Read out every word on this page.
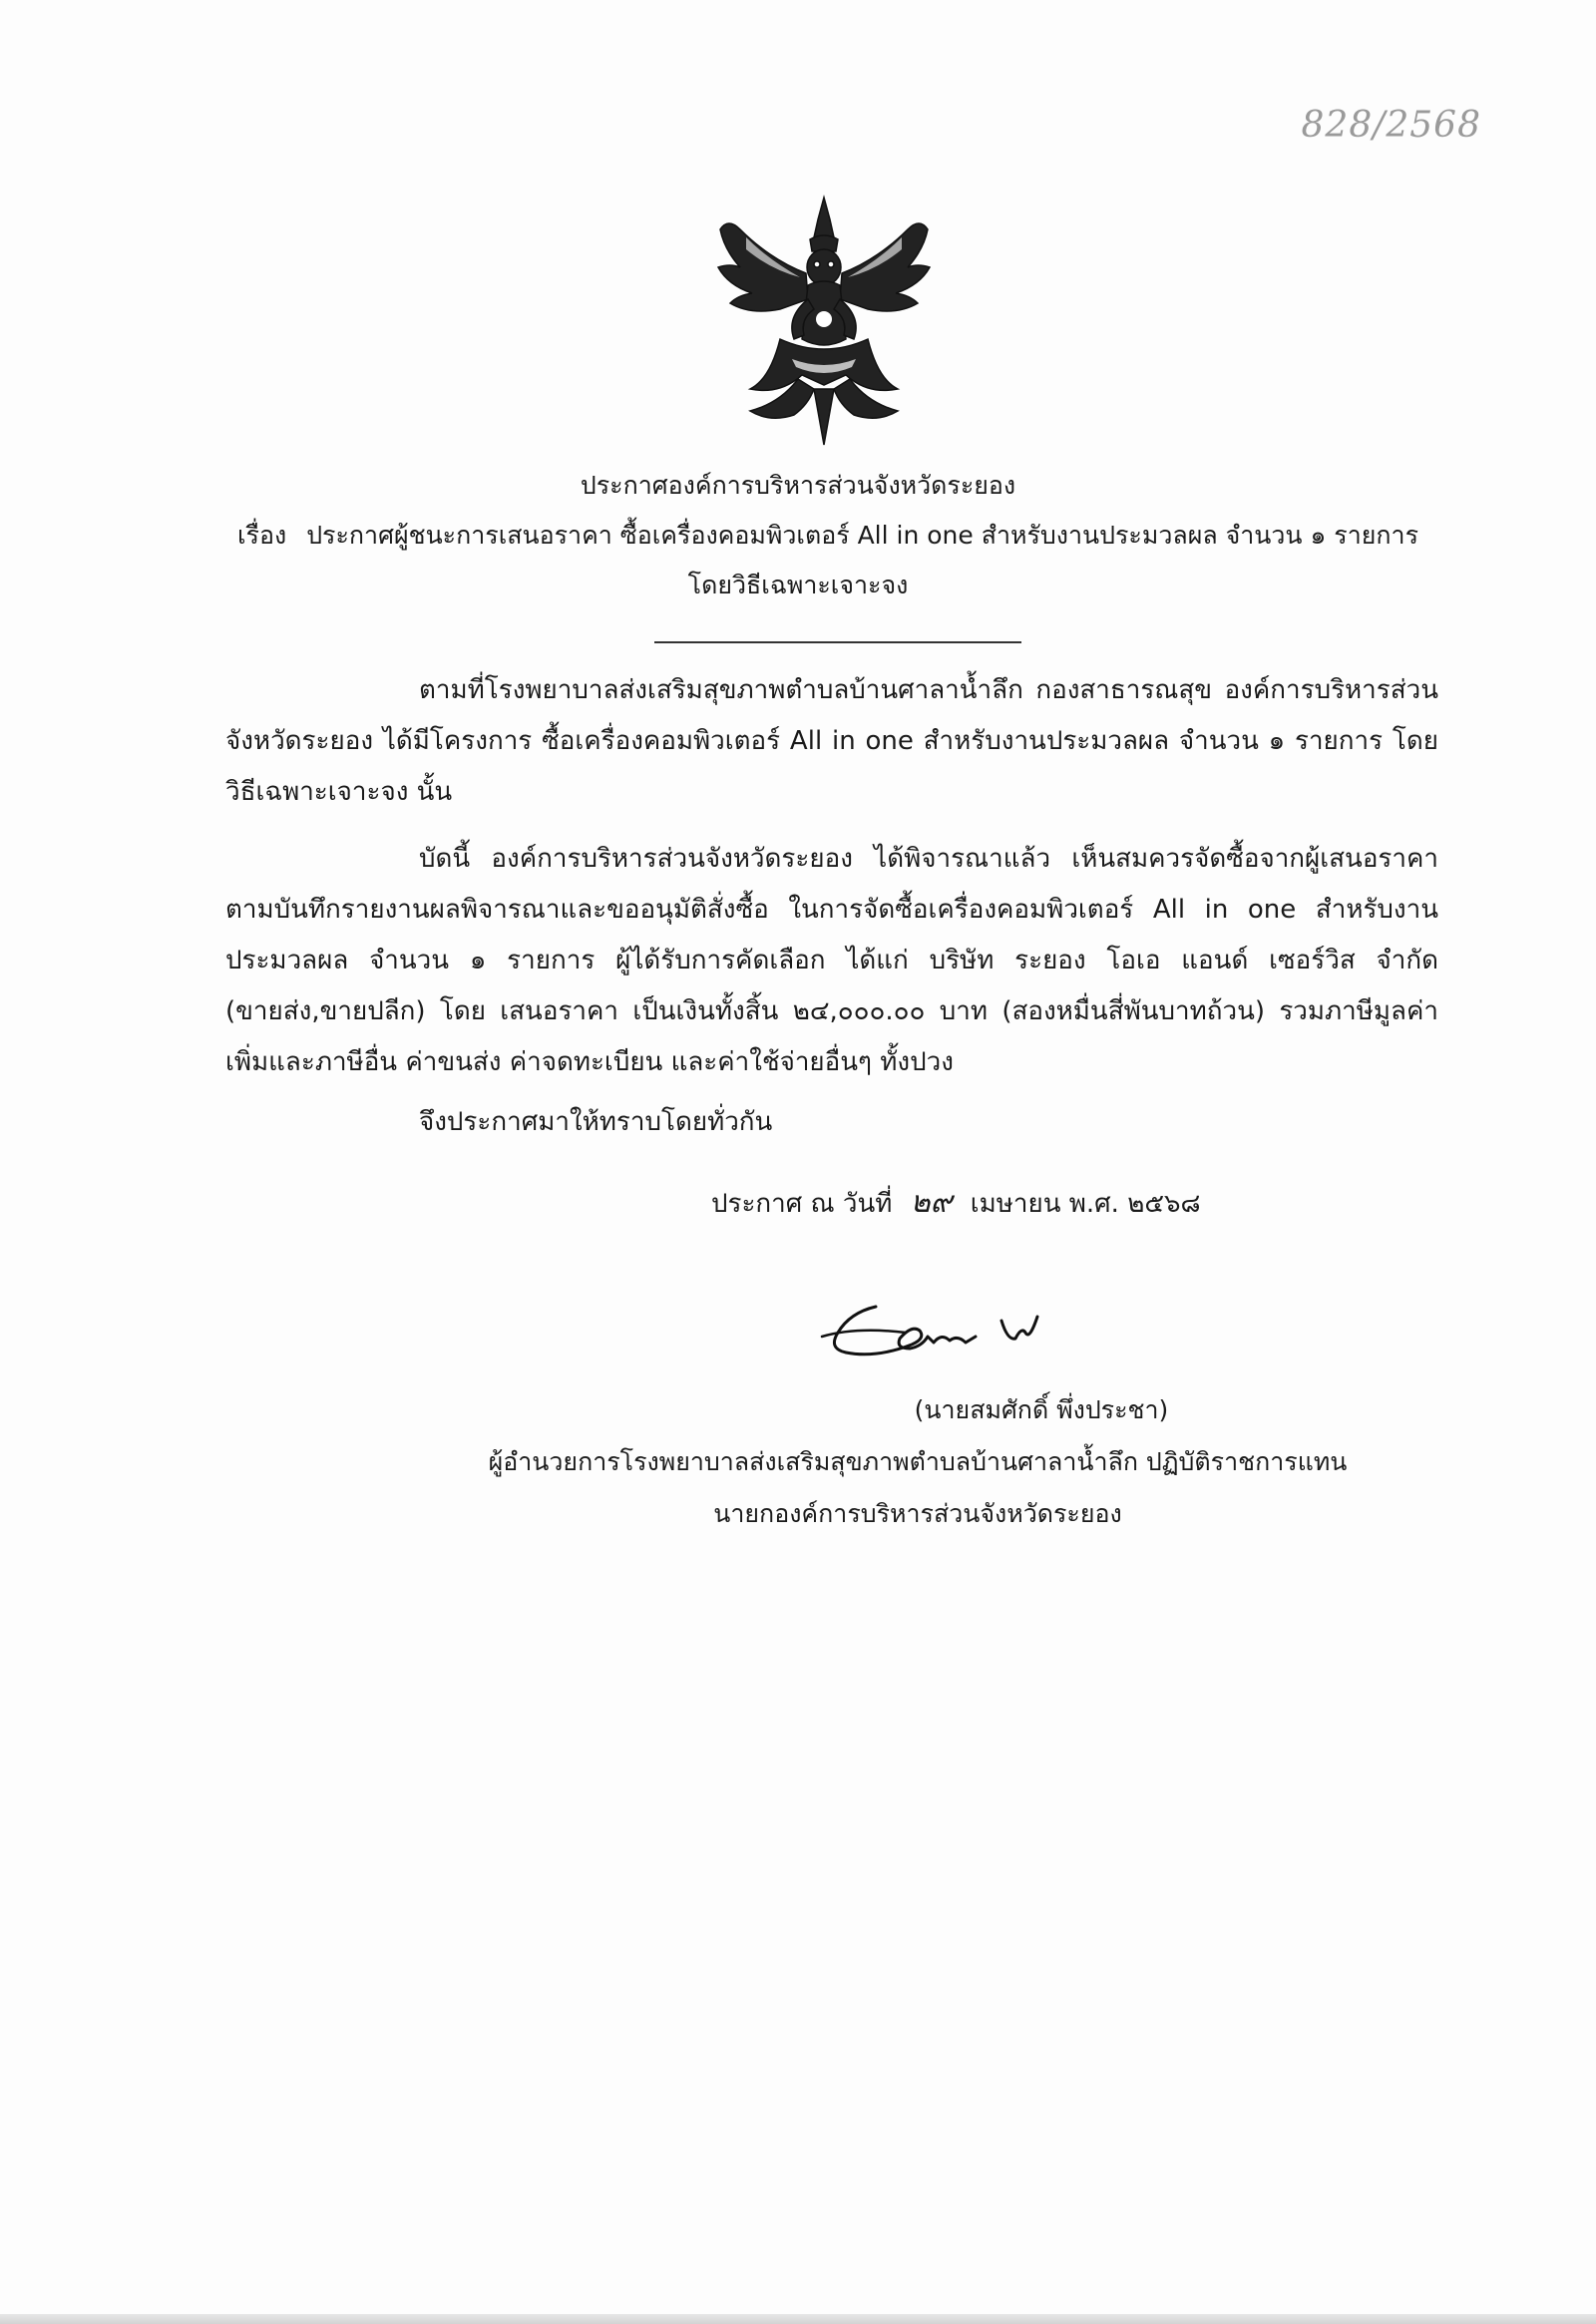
828/2568
ประกาศองค์การบริหารส่วนจังหวัดระยอง
เรื่อง ประกาศผู้ชนะการเสนอราคา ซื้อเครื่องคอมพิวเตอร์ All in one สำหรับงานประมวลผล จำนวน ๑ รายการ
โดยวิธีเฉพาะเจาะจง

ตามที่โรงพยาบาลส่งเสริมสุขภาพตำบลบ้านศาลาน้ำลึก กองสาธารณสุข องค์การบริหารส่วนจังหวัดระยอง ได้มีโครงการ ซื้อเครื่องคอมพิวเตอร์ All in one สำหรับงานประมวลผล จำนวน ๑ รายการ โดยวิธีเฉพาะเจาะจง นั้น

บัดนี้ องค์การบริหารส่วนจังหวัดระยอง ได้พิจารณาแล้ว เห็นสมควรจัดซื้อจากผู้เสนอราคา ตามบันทึกรายงานผลพิจารณาและขออนุมัติสั่งซื้อ ในการจัดซื้อเครื่องคอมพิวเตอร์ All in one สำหรับงานประมวลผล จำนวน ๑ รายการ ผู้ได้รับการคัดเลือก ได้แก่ บริษัท ระยอง โอเอ แอนด์ เซอร์วิส จำกัด (ขายส่ง,ขายปลีก) โดย เสนอราคา เป็นเงินทั้งสิ้น ๒๔,๐๐๐.๐๐ บาท (สองหมื่นสี่พันบาทถ้วน) รวมภาษีมูลค่าเพิ่มและภาษีอื่น ค่าขนส่ง ค่าจดทะเบียน และค่าใช้จ่ายอื่นๆ ทั้งปวง

จึงประกาศมาให้ทราบโดยทั่วกัน

ประกาศ ณ วันที่ ๒๙ เมษายน พ.ศ. ๒๕๖๘
(นายสมศักดิ์ พึ่งประชา)
ผู้อำนวยการโรงพยาบาลส่งเสริมสุขภาพตำบลบ้านศาลาน้ำลึก ปฏิบัติราชการแทน
นายกองค์การบริหารส่วนจังหวัดระยอง
